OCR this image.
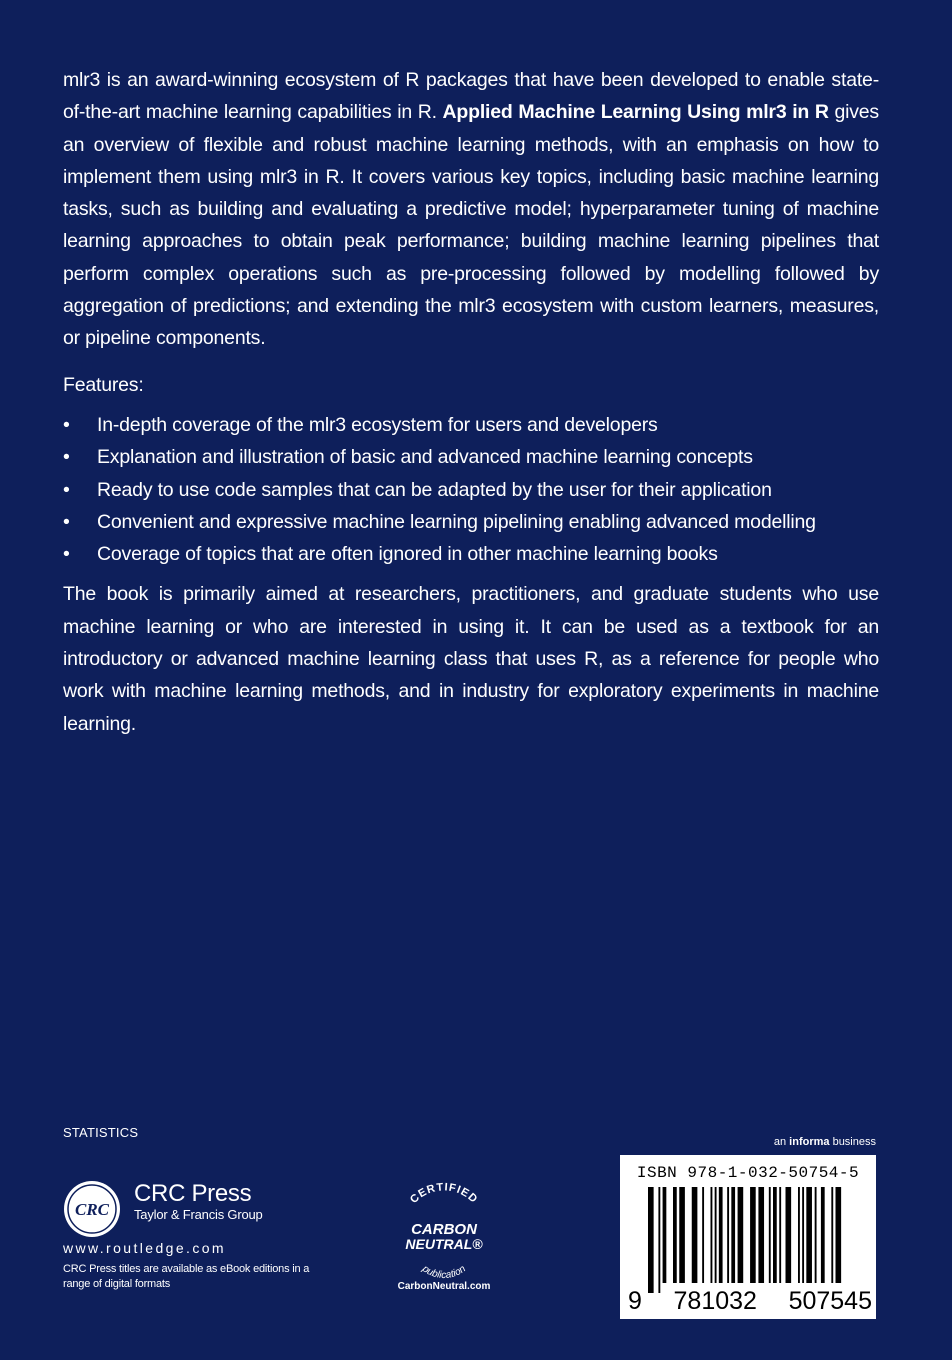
mlr3 is an award-winning ecosystem of R packages that have been developed to enable state-of-the-art machine learning capabilities in R. Applied Machine Learning Using mlr3 in R gives an overview of flexible and robust machine learning methods, with an emphasis on how to implement them using mlr3 in R. It covers various key topics, including basic machine learning tasks, such as building and evaluating a predictive model; hyperparameter tuning of machine learning approaches to obtain peak performance; building machine learning pipelines that perform complex operations such as pre-processing followed by modelling followed by aggregation of predictions; and extending the mlr3 ecosystem with custom learners, measures, or pipeline components.

Features:

• In-depth coverage of the mlr3 ecosystem for users and developers
• Explanation and illustration of basic and advanced machine learning concepts
• Ready to use code samples that can be adapted by the user for their application
• Convenient and expressive machine learning pipelining enabling advanced modelling
• Coverage of topics that are often ignored in other machine learning books

The book is primarily aimed at researchers, practitioners, and graduate students who use machine learning or who are interested in using it. It can be used as a textbook for an introductory or advanced machine learning class that uses R, as a reference for people who work with machine learning methods, and in industry for exploratory experiments in machine learning.

STATISTICS
CRC
CRC Press
Taylor & Francis Group
www.routledge.com
CRC Press titles are available as eBook editions in a range of digital formats
CERTIFIED
CARBON
NEUTRAL®
publication
CarbonNeutral.com
an informa business
ISBN 978-1-032-50754-5
9 781032 507545
